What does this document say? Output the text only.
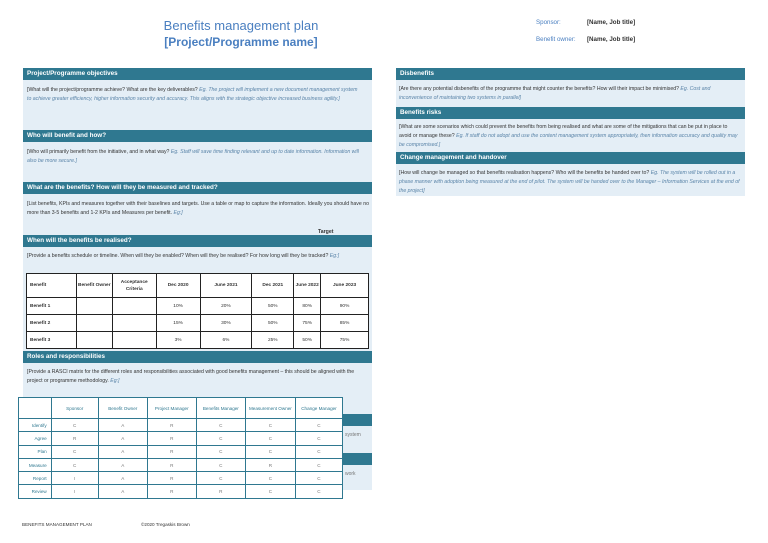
Benefits management plan
[Project/Programme name]
Sponsor:	[Name, Job title]
Benefit owner: [Name, Job title]
Project/Programme objectives
[What will the project/programme achieve? What are the key deliverables? Eg. The project will implement a new document management system to achieve greater efficiency, higher information security and accuracy. This aligns with the strategic objective increased business agility.]
Who will benefit and how?
[Who will primarily benefit from the initiative, and in what way? Eg. Staff will save time finding relevant and up to date information. Information will also be more secure.]
What are the benefits? How will they be measured and tracked?
[List benefits, KPIs and measures together with their baselines and targets. Use a table or map to capture the information. Ideally you should have no more than 3-5 benefits and 1-2 KPIs and Measures per benefit. Eg:]
Target
When will the benefits be realised?
[Provide a benefits schedule or timeline. When will they be enabled? When will they be realised? For how long will they be tracked? Eg:]
Benefit	Benefit Owner	Acceptance Criteria	Dec 2020	June 2021	Dec 2021	June 2022	June 2023
Benefit 1			10%	20%	50%	80%	90%
Benefit 2			15%	30%	50%	75%	85%
Benefit 3			3%	6%	25%	50%	75%
Roles and responsibilities
[Provide a RASCI matrix for the different roles and responsibilities associated with good benefits management – this should be aligned with the project or programme methodology. Eg:]
system
work
	Sponsor	Benefit Owner	Project Manager	Benefits Manager	Measurement Owner	Change Manager
Identify	C	A	R	C	C	C
Agree	R	A	R	C	C	C
Plan	C	A	R	C	C	C
Measure	C	A	R	C	R	C
Report	I	A	R	C	C	C
Review	I	A	R	R	C	C
Disbenefits
[Are there any potential disbenefits of the programme that might counter the benefits? How will their impact be minimised? Eg. Cost and inconvenience of maintaining two systems in parallel]
Benefits risks
[What are some scenarios which could prevent the benefits from being realised and what are some of the mitigations that can be put in place to avoid or manage these? Eg. If staff do not adopt and use the content management system appropriately, then information accuracy and quality may be compromised.]
Change management and handover
[How will change be managed so that benefits realisation happens? Who will the benefits be handed over to? Eg. The system will be rolled out in a phase manner with adoption being measured at the end of pilot. The system will be handed over to the Manager – Information Services at the end of the project]
BENEFITS MANAGEMENT PLAN	©2020 Tregaskis Brown
